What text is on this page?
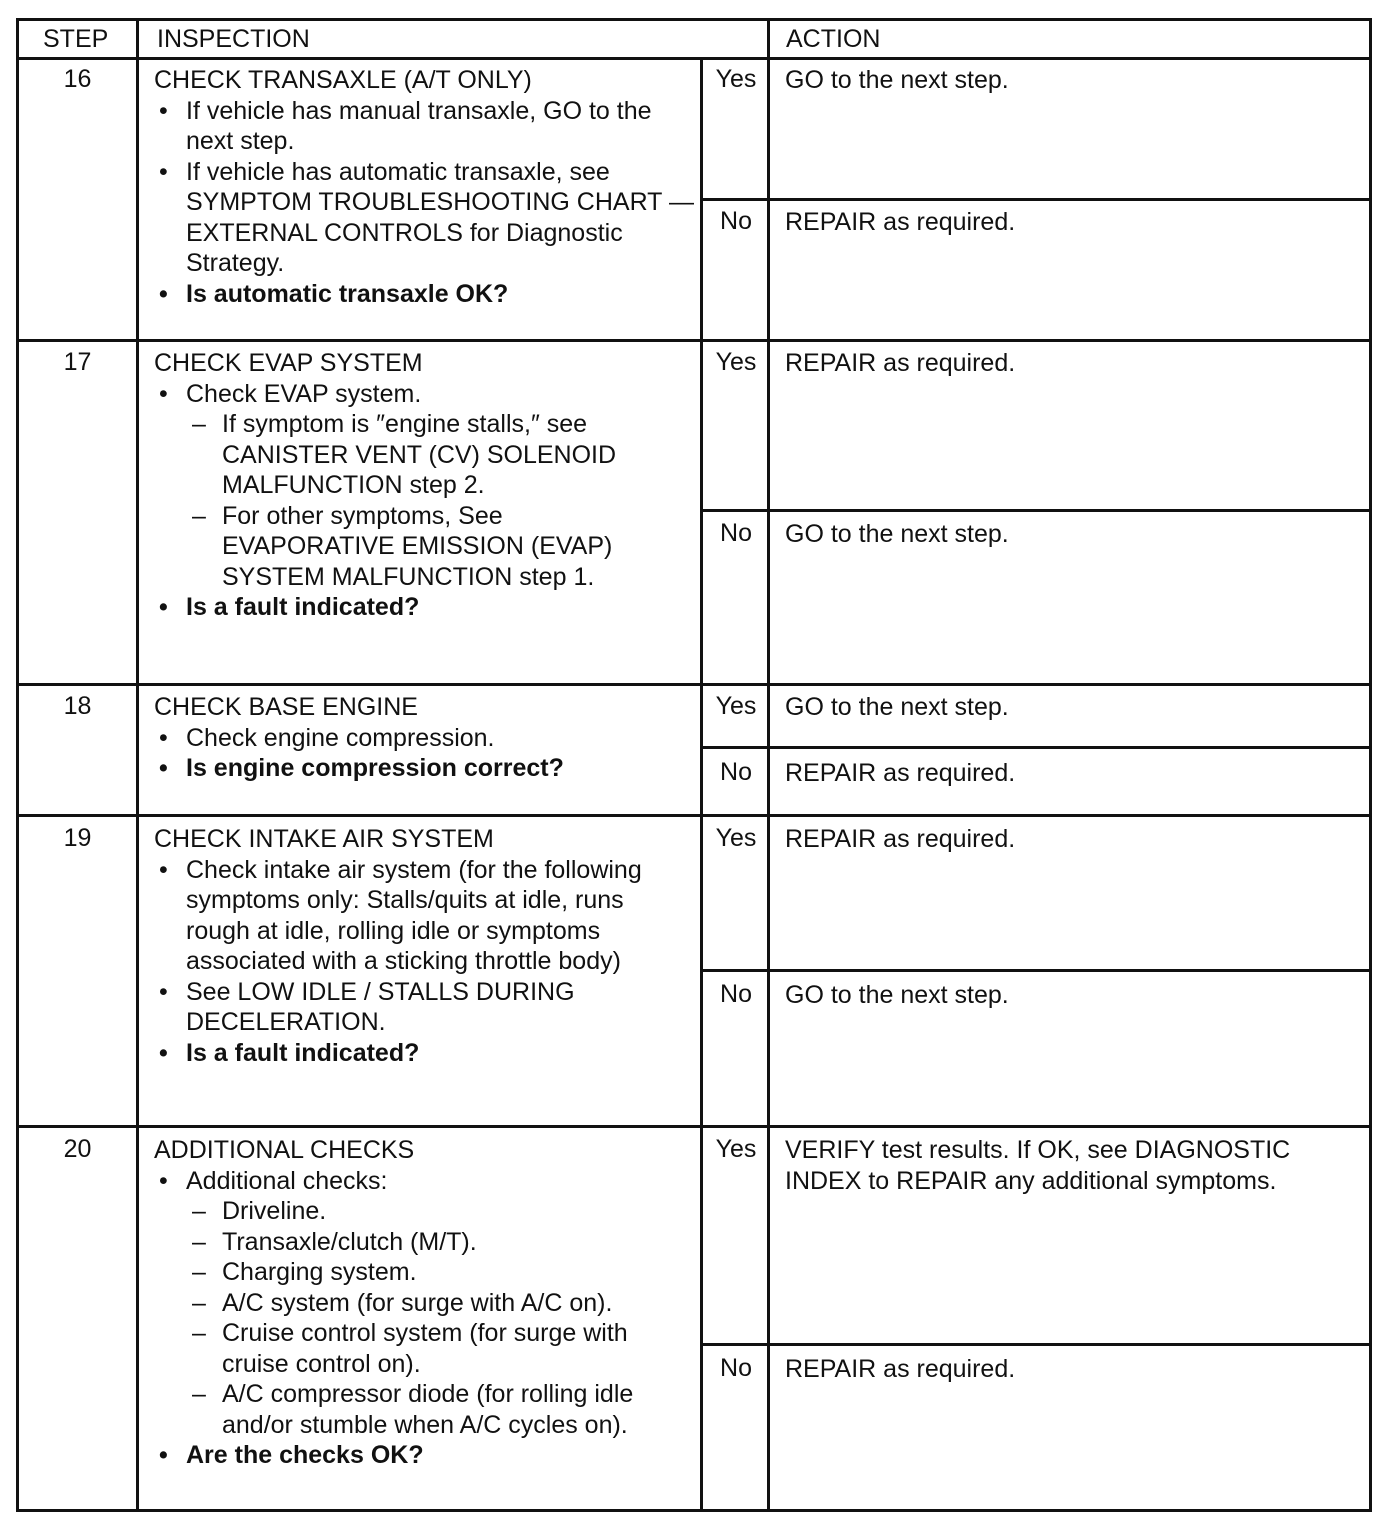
STEP INSPECTION	ACTION
16	CHECK TRANSAXLE (A/T ONLY)
• If vehicle has manual transaxle, GO to the next step.
• If vehicle has automatic transaxle, see SYMPTOM TROUBLESHOOTING CHART — EXTERNAL CONTROLS for Diagnostic Strategy.
• Is automatic transaxle OK?
Yes	GO to the next step.
No	REPAIR as required.
17	CHECK EVAP SYSTEM
• Check EVAP system.
– If symptom is ″engine stalls,″ see CANISTER VENT (CV) SOLENOID MALFUNCTION step 2.
– For other symptoms, See EVAPORATIVE EMISSION (EVAP) SYSTEM MALFUNCTION step 1.
• Is a fault indicated?
Yes	REPAIR as required.
No	GO to the next step.
18	CHECK BASE ENGINE
• Check engine compression.
• Is engine compression correct?
Yes	GO to the next step.
No	REPAIR as required.
19	CHECK INTAKE AIR SYSTEM
• Check intake air system (for the following symptoms only: Stalls/quits at idle, runs rough at idle, rolling idle or symptoms associated with a sticking throttle body)
• See LOW IDLE / STALLS DURING DECELERATION.
• Is a fault indicated?
Yes	REPAIR as required.
No	GO to the next step.
20	ADDITIONAL CHECKS
• Additional checks:
– Driveline.
– Transaxle/clutch (M/T).
– Charging system.
– A/C system (for surge with A/C on).
– Cruise control system (for surge with cruise control on).
– A/C compressor diode (for rolling idle and/or stumble when A/C cycles on).
• Are the checks OK?
Yes	VERIFY test results. If OK, see DIAGNOSTIC INDEX to REPAIR any additional symptoms.
No	REPAIR as required.
